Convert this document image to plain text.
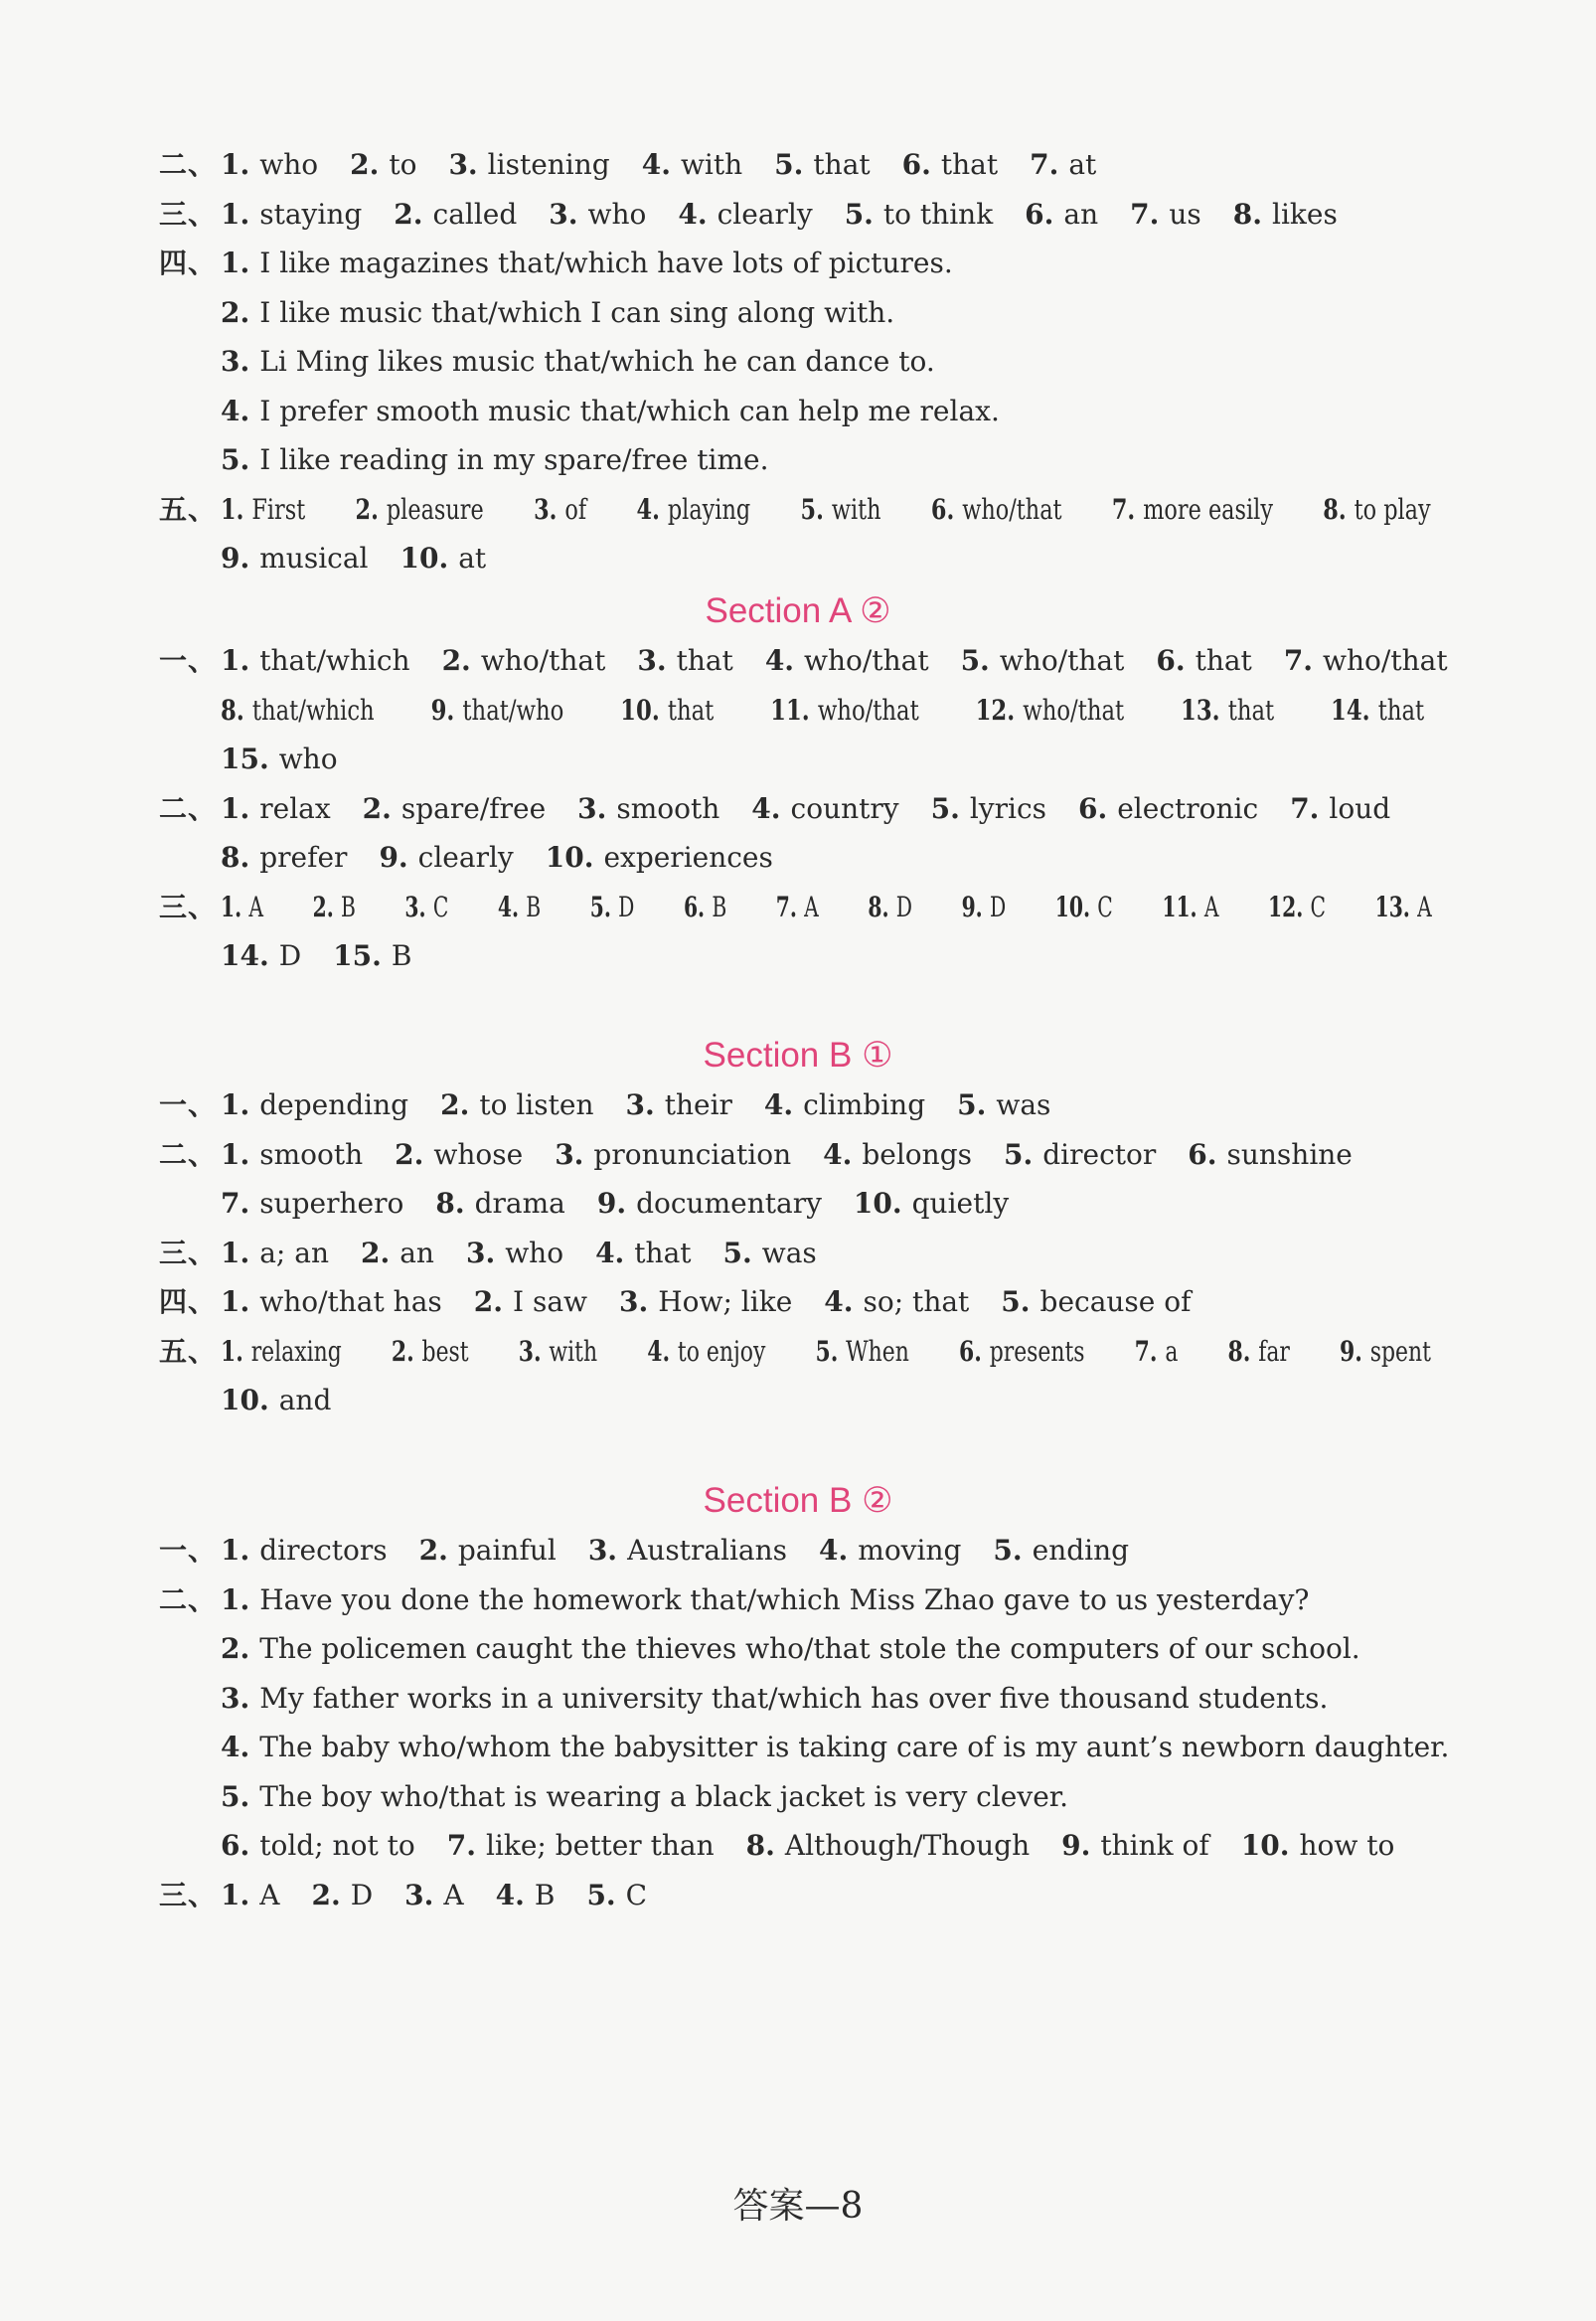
答案—8
二、 1. who 2. to 3. listening 4. with 5. that 6. that 7. at
三、 1. staying 2. called 3. who 4. clearly 5. to think 6. an 7. us 8. likes
四、 1. I like magazines that/which have lots of pictures.
2. I like music that/which I can sing along with.
3. Li Ming likes music that/which he can dance to.
4. I prefer smooth music that/which can help me relax.
5. I like reading in my spare/free time.
五、 1. First 2. pleasure 3. of 4. playing 5. with 6. who/that 7. more easily 8. to play
9. musical 10. at
Section A ②
一、 1. that/which 2. who/that 3. that 4. who/that 5. who/that 6. that 7. who/that
8. that/which 9. that/who 10. that 11. who/that 12. who/that 13. that 14. that
15. who
二、 1. relax 2. spare/free 3. smooth 4. country 5. lyrics 6. electronic 7. loud
8. prefer 9. clearly 10. experiences
三、 1. A 2. B 3. C 4. B 5. D 6. B 7. A 8. D 9. D 10. C 11. A 12. C 13. A
14. D 15. B
Section B ①
一、 1. depending 2. to listen 3. their 4. climbing 5. was
二、 1. smooth 2. whose 3. pronunciation 4. belongs 5. director 6. sunshine
7. superhero 8. drama 9. documentary 10. quietly
三、 1. a; an 2. an 3. who 4. that 5. was
四、 1. who/that has 2. I saw 3. How; like 4. so; that 5. because of
五、 1. relaxing 2. best 3. with 4. to enjoy 5. When 6. presents 7. a 8. far 9. spent
10. and
Section B ②
一、 1. directors 2. painful 3. Australians 4. moving 5. ending
二、 1. Have you done the homework that/which Miss Zhao gave to us yesterday?
2. The policemen caught the thieves who/that stole the computers of our school.
3. My father works in a university that/which has over five thousand students.
4. The baby who/whom the babysitter is taking care of is my aunt’s newborn daughter.
5. The boy who/that is wearing a black jacket is very clever.
6. told; not to 7. like; better than 8. Although/Though 9. think of 10. how to
三、 1. A 2. D 3. A 4. B 5. C
